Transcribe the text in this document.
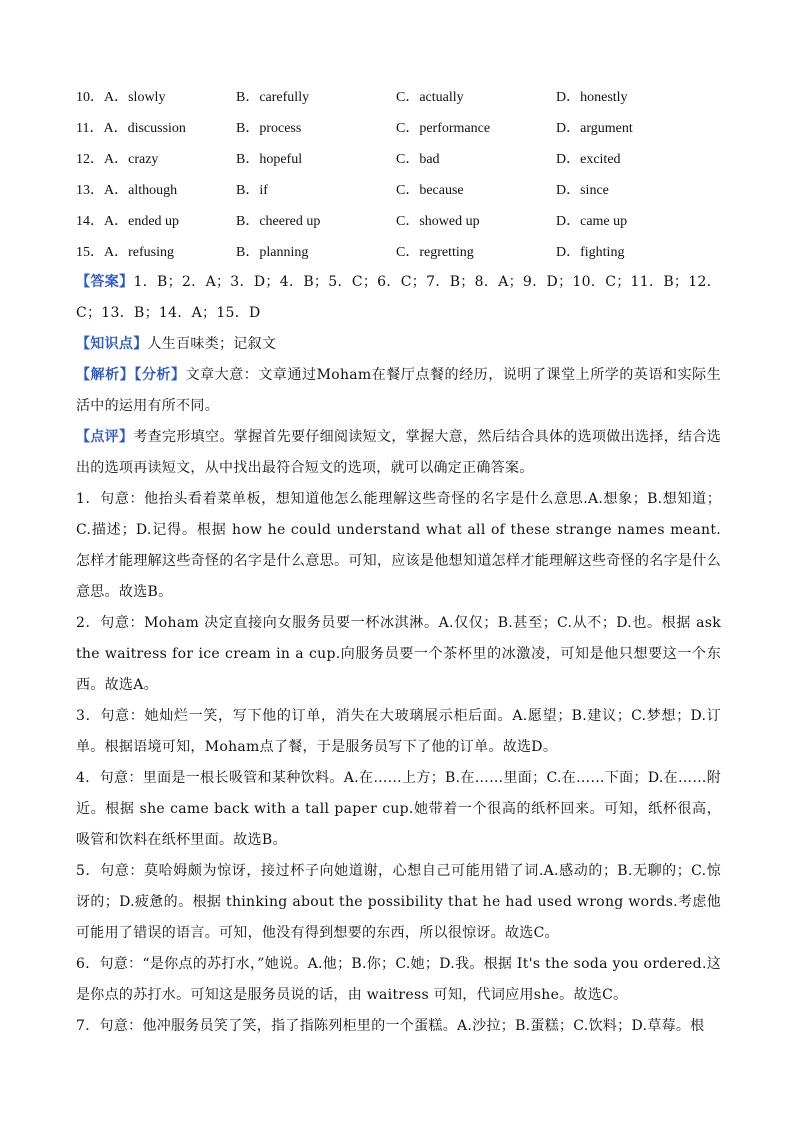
10．A．slowly	B．carefully	C．actually	D．honestly
11．A．discussion	B．process	C．performance	D．argument
12．A．crazy	B．hopeful	C．bad	D．excited
13．A．although	B．if	C．because	D．since
14．A．ended up	B．cheered up	C．showed up	D．came up
15．A．refusing	B．planning	C．regretting	D．fighting

【答案】1．B；2．A；3．D；4．B；5．C；6．C；7．B；8．A；9．D；10．C；11．B；12．C；13．B；14．A；15．D

【知识点】人生百味类；记叙文

【解析】【分析】文章大意：文章通过Moham在餐厅点餐的经历，说明了课堂上所学的英语和实际生活中的运用有所不同。

【点评】考查完形填空。掌握首先要仔细阅读短文，掌握大意，然后结合具体的选项做出选择，结合选出的选项再读短文，从中找出最符合短文的选项，就可以确定正确答案。

1．句意：他抬头看着菜单板，想知道他怎么能理解这些奇怪的名字是什么意思.A.想象；B.想知道；C.描述；D.记得。根据 how he could understand what all of these strange names meant.怎样才能理解这些奇怪的名字是什么意思。可知，应该是他想知道怎样才能理解这些奇怪的名字是什么意思。故选B。

2．句意：Moham 决定直接向女服务员要一杯冰淇淋。A.仅仅；B.甚至；C.从不；D.也。根据 ask the waitress for ice cream in a cup.向服务员要一个茶杯里的冰激凌，可知是他只想要这一个东西。故选A。

3．句意：她灿烂一笑，写下他的订单，消失在大玻璃展示柜后面。A.愿望；B.建议；C.梦想；D.订单。根据语境可知，Moham点了餐，于是服务员写下了他的订单。故选D。

4．句意：里面是一根长吸管和某种饮料。A.在……上方；B.在……里面；C.在……下面；D.在……附近。根据 she came back with a tall paper cup.她带着一个很高的纸杯回来。可知，纸杯很高，吸管和饮料在纸杯里面。故选B。

5．句意：莫哈姆颇为惊讶，接过杯子向她道谢，心想自己可能用错了词.A.感动的；B.无聊的；C.惊讶的；D.疲惫的。根据 thinking about the possibility that he had used wrong words.考虑他可能用了错误的语言。可知，他没有得到想要的东西，所以很惊讶。故选C。

6．句意：“是你点的苏打水，”她说。A.他；B.你；C.她；D.我。根据 It's the soda you ordered.这是你点的苏打水。可知这是服务员说的话，由 waitress 可知，代词应用she。故选C。

7．句意：他冲服务员笑了笑，指了指陈列柜里的一个蛋糕。A.沙拉；B.蛋糕；C.饮料；D.草莓。根
